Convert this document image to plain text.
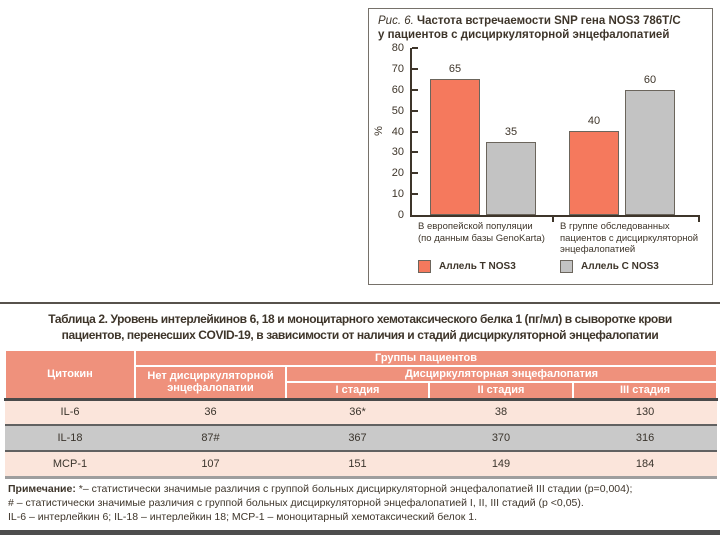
Рис. 6. Частота встречаемости SNP гена NOS3 786Т/С
у пациентов с дисциркуляторной энцефалопатией
0
10
20
30
40
50
60
70
80
%
65
35
В европейской популяции
(по данным базы GenoKarta)
40
60
В группе обследованных
пациентов с дисциркуляторной
энцефалопатией
Аллель Т NOS3	Аллель С NOS3
Таблица 2. Уровень интерлейкинов 6, 18 и моноцитарного хемотаксического белка 1 (пг/мл) в сыворотке крови
пациентов, перенесших COVID-19, в зависимости от наличия и стадий дисциркуляторной энцефалопатии
Цитокин	Группы пациентов			
	Нет дисциркуляторной энцефалопатии	Дисциркуляторная энцефалопатия		
		I стадия	II стадия	III стадия
IL-6	36	36*	38	130
IL-18	87#	367	370	316
MCP-1	107	151	149	184
Примечание: *– статистически значимые различия с группой больных дисциркуляторной энцефалопатией III стадии (р=0,004);
# – статистически значимые различия с группой больных дисциркуляторной энцефалопатией I, II, III стадий (р <0,05).
IL-6 – интерлейкин 6; IL-18 – интерлейкин 18; MCP-1 – моноцитарный хемотаксический белок 1.
